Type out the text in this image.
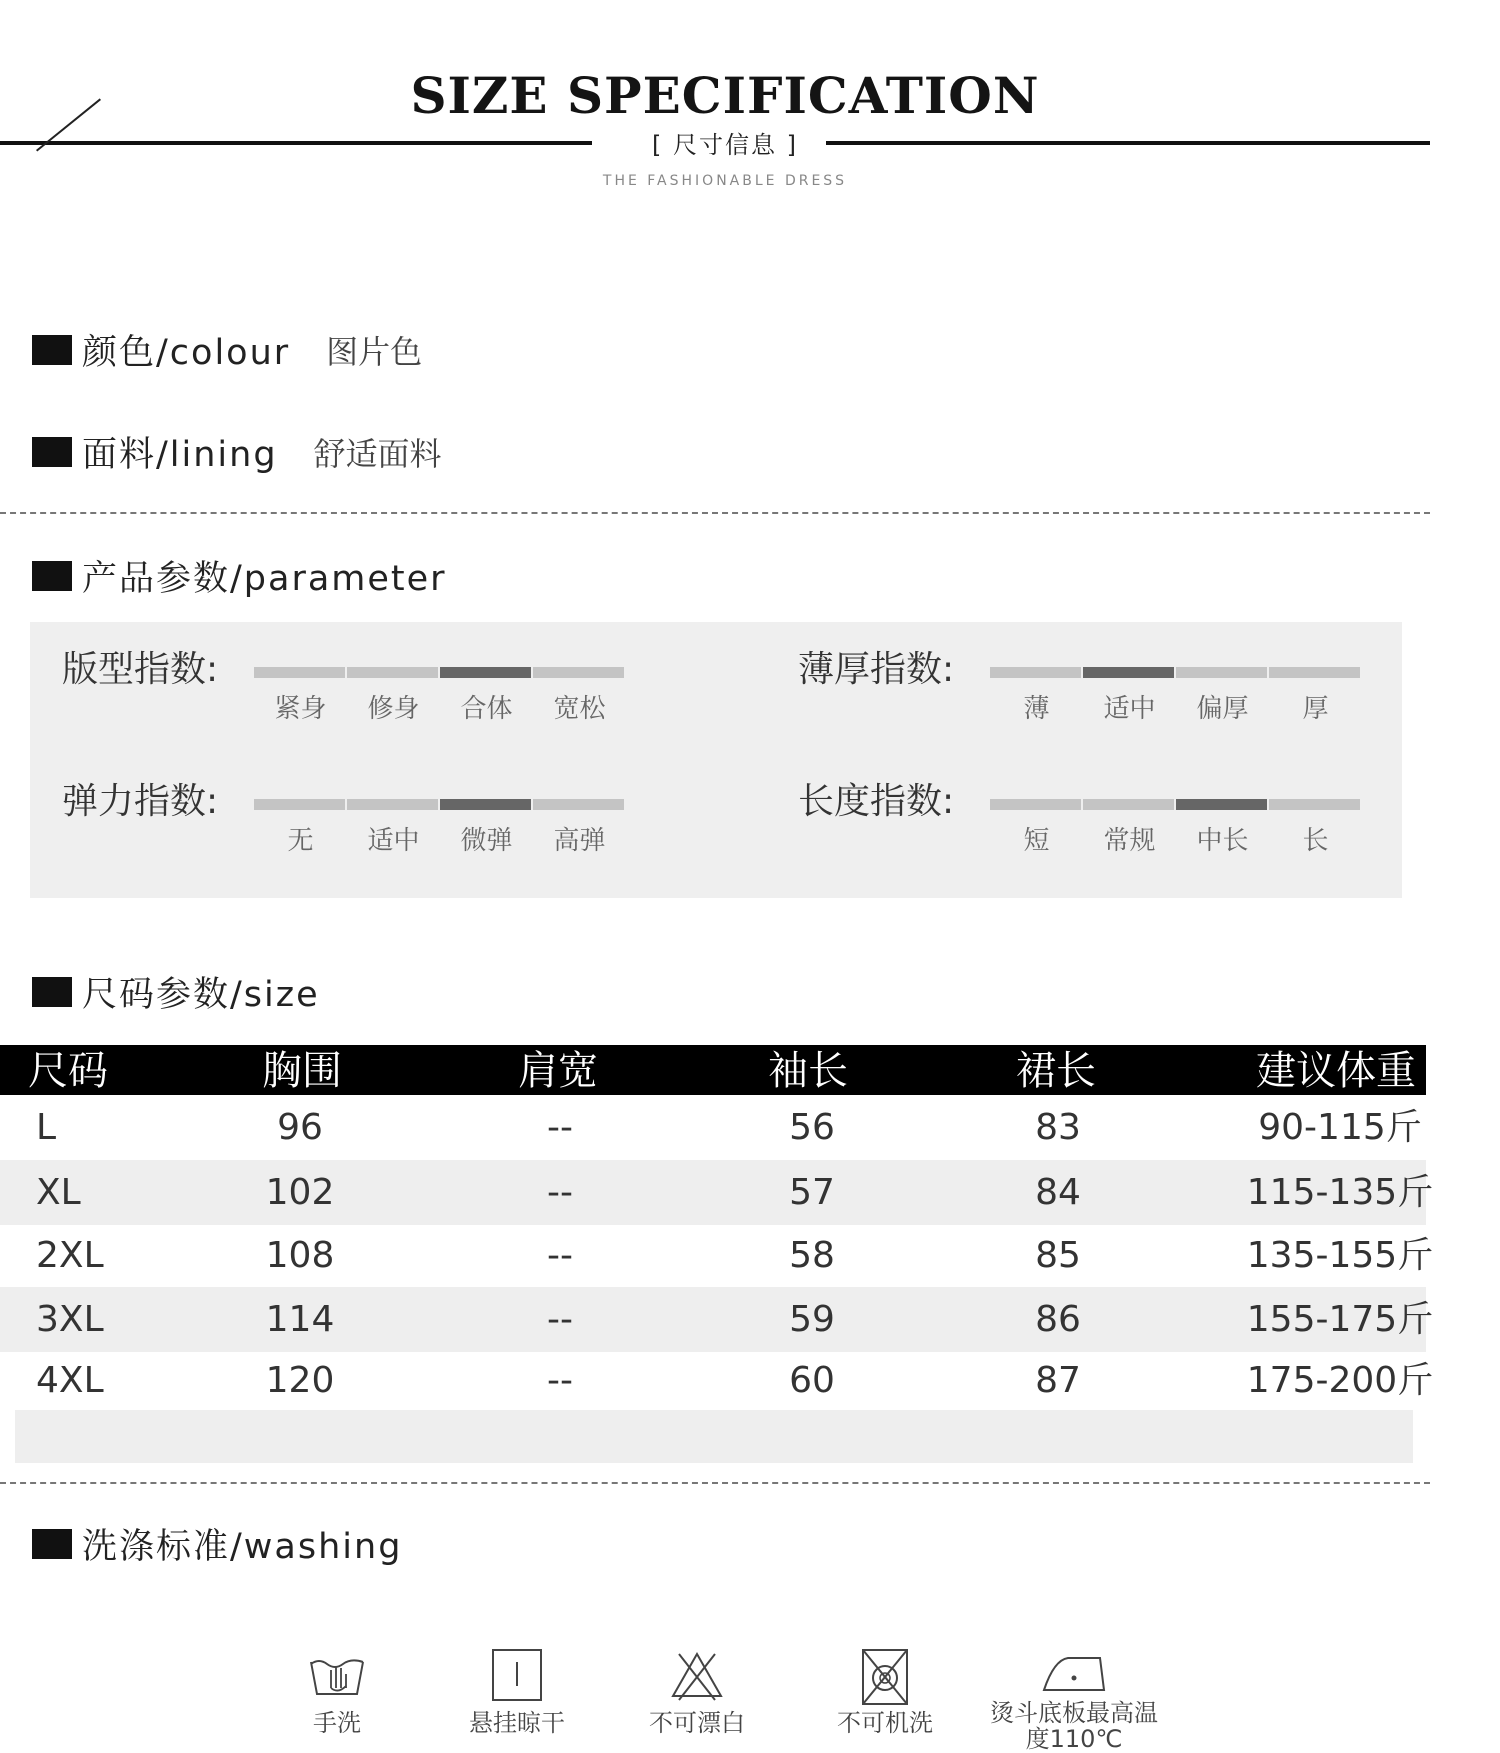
SIZE SPECIFICATION
[ 尺寸信息 ]
THE FASHIONABLE DRESS
颜色/colour 图片色
面料/lining 舒适面料
产品参数/parameter
版型指数:
紧身	修身	合体	宽松
薄厚指数:
薄	适中	偏厚	厚
弹力指数:
无	适中	微弹	高弹
长度指数:
短	常规	中长	长
尺码参数/size
尺码	胸围	肩宽	袖长	裙长	建议体重
L	96	--	56	83	90-115斤
XL	102	--	57	84	115-135斤
2XL	108	--	58	85	135-155斤
3XL	114	--	59	86	155-175斤
4XL	120	--	60	87	175-200斤
洗涤标准/washing
手洗	悬挂晾干	不可漂白	不可机洗	烫斗底板最高温度110℃
